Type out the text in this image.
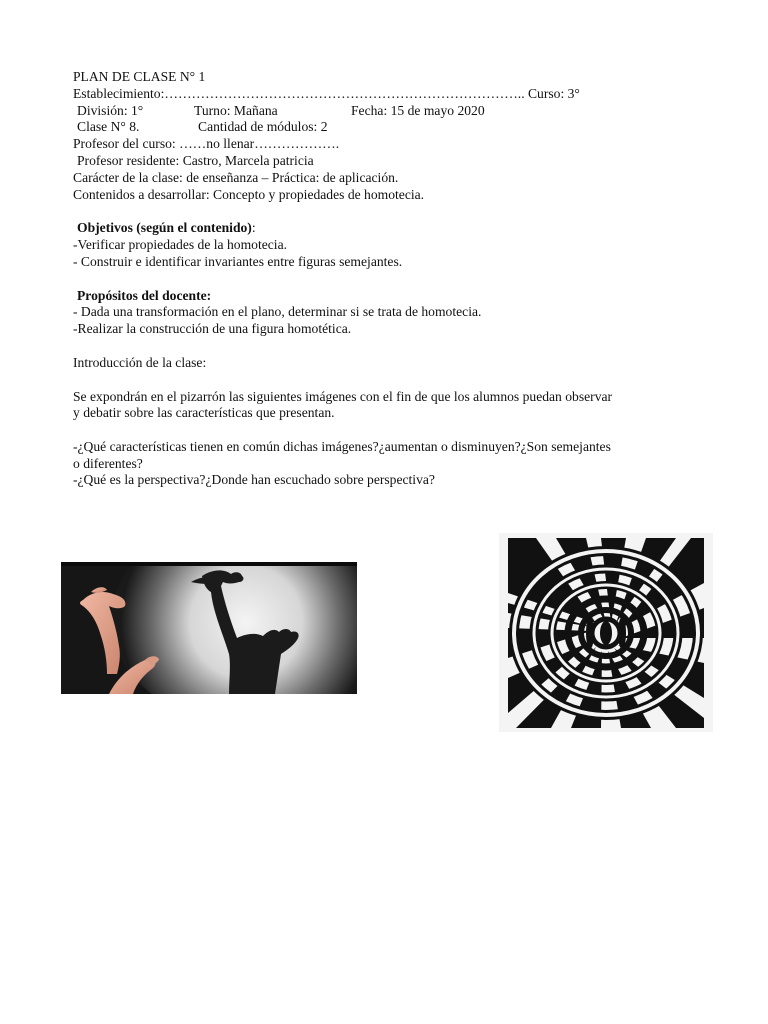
PLAN DE CLASE N° 1
Establecimiento:…………………………………………………………………….. Curso: 3°
División: 1°	Turno: Mañana	Fecha: 15 de mayo 2020
Clase N° 8.	Cantidad de módulos: 2
Profesor del curso: ……no llenar……………….
Profesor residente: Castro, Marcela patricia
Carácter de la clase: de enseñanza – Práctica: de aplicación.
Contenidos a desarrollar: Concepto y propiedades de homotecia.
Objetivos (según el contenido):
-Verificar propiedades de la homotecia.
- Construir e identificar invariantes entre figuras semejantes.
Propósitos del docente:
- Dada una transformación en el plano, determinar si se trata de homotecia.
-Realizar la construcción de una figura homotética.
Introducción de la clase:
Se expondrán en el pizarrón las siguientes imágenes con el fin de que los alumnos puedan observar
y debatir sobre las características que presentan.
-¿Qué características tienen en común dichas imágenes?¿aumentan o disminuyen?¿Son semejantes
o diferentes?
-¿Qué es la perspectiva?¿Donde han escuchado sobre perspectiva?
